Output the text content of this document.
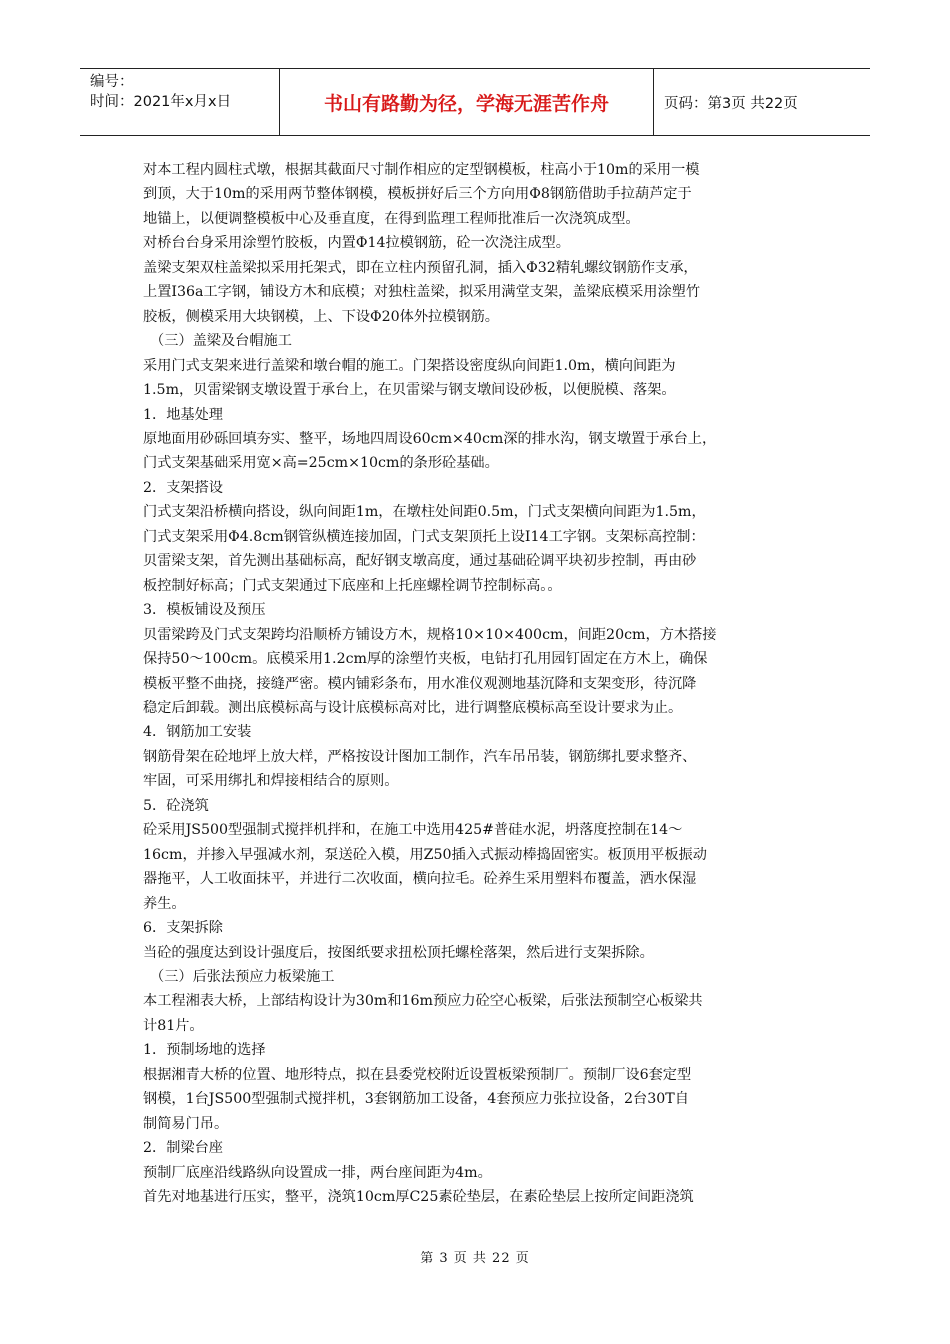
编号：
时间：2021年x月x日	书山有路勤为径，学海无涯苦作舟	页码：第3页 共22页
对本工程内圆柱式墩，根据其截面尺寸制作相应的定型钢模板，柱高小于10m的采用一模
到顶，大于10m的采用两节整体钢模，模板拼好后三个方向用Φ8钢筋借助手拉葫芦定于
地锚上，以便调整模板中心及垂直度，在得到监理工程师批准后一次浇筑成型。
对桥台台身采用涂塑竹胶板，内置Φ14拉模钢筋，砼一次浇注成型。
盖梁支架双柱盖梁拟采用托架式，即在立柱内预留孔洞，插入Φ32精轧螺纹钢筋作支承，
上置I36a工字钢，铺设方木和底模；对独柱盖梁，拟采用满堂支架，盖梁底模采用涂塑竹
胶板，侧模采用大块钢模，上、下设Φ20体外拉模钢筋。
（三）盖梁及台帽施工
采用门式支架来进行盖梁和墩台帽的施工。门架搭设密度纵向间距1.0m，横向间距为
1.5m，贝雷梁钢支墩设置于承台上，在贝雷梁与钢支墩间设砂板，以便脱模、落架。
1．地基处理
原地面用砂砾回填夯实、整平，场地四周设60cm×40cm深的排水沟，钢支墩置于承台上，
门式支架基础采用宽×高=25cm×10cm的条形砼基础。
2．支架搭设
门式支架沿桥横向搭设，纵向间距1m，在墩柱处间距0.5m，门式支架横向间距为1.5m，
门式支架采用Φ4.8cm钢管纵横连接加固，门式支架顶托上设I14工字钢。支架标高控制：
贝雷梁支架，首先测出基础标高，配好钢支墩高度，通过基础砼调平块初步控制，再由砂
板控制好标高；门式支架通过下底座和上托座螺栓调节控制标高。。
3．模板铺设及预压
贝雷梁跨及门式支架跨均沿顺桥方铺设方木，规格10×10×400cm，间距20cm，方木搭接
保持50～100cm。底模采用1.2cm厚的涂塑竹夹板，电钻打孔用园钉固定在方木上，确保
模板平整不曲挠，接缝严密。模内铺彩条布，用水准仪观测地基沉降和支架变形，待沉降
稳定后卸载。测出底模标高与设计底模标高对比，进行调整底模标高至设计要求为止。
4．钢筋加工安装
钢筋骨架在砼地坪上放大样，严格按设计图加工制作，汽车吊吊装，钢筋绑扎要求整齐、
牢固，可采用绑扎和焊接相结合的原则。
5．砼浇筑
砼采用JS500型强制式搅拌机拌和，在施工中选用425#普硅水泥，坍落度控制在14～
16cm，并掺入早强减水剂，泵送砼入模，用Z50插入式振动棒捣固密实。板顶用平板振动
器拖平，人工收面抹平，并进行二次收面，横向拉毛。砼养生采用塑料布覆盖，洒水保湿
养生。
6．支架拆除
当砼的强度达到设计强度后，按图纸要求扭松顶托螺栓落架，然后进行支架拆除。
（三）后张法预应力板梁施工
本工程湘表大桥，上部结构设计为30m和16m预应力砼空心板梁，后张法预制空心板梁共
计81片。
1．预制场地的选择
根据湘青大桥的位置、地形特点，拟在县委党校附近设置板梁预制厂。预制厂设6套定型
钢模，1台JS500型强制式搅拌机，3套钢筋加工设备，4套预应力张拉设备，2台30T自
制简易门吊。
2．制梁台座
预制厂底座沿线路纵向设置成一排，两台座间距为4m。
首先对地基进行压实，整平，浇筑10cm厚C25素砼垫层，在素砼垫层上按所定间距浇筑
第 3 页 共 22 页
